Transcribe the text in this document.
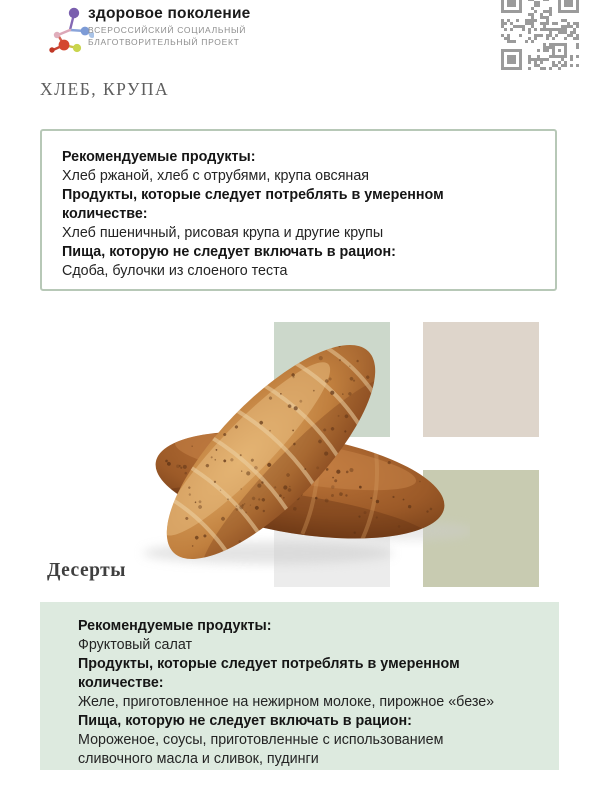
здоровое поколение
ВСЕРОССИЙСКИЙ СОЦИАЛЬНЫЙ
БЛАГОТВОРИТЕЛЬНЫЙ ПРОЕКТ
ХЛЕБ, КРУПА
Рекомендуемые продукты:
Хлеб ржаной, хлеб с отрубями, крупа овсяная
Продукты, которые следует потреблять в умеренном
количестве:
Хлеб пшеничный, рисовая крупа и другие крупы
Пища, которую не следует включать в рацион:
Сдоба, булочки из слоеного теста
Десерты
Рекомендуемые продукты:
Фруктовый салат
Продукты, которые следует потреблять в умеренном
количестве:
Желе, приготовленное на нежирном молоке, пирожное «безе»
Пища, которую не следует включать в рацион:
Мороженое, соусы, приготовленные с использованием
сливочного масла и сливок, пудинги
